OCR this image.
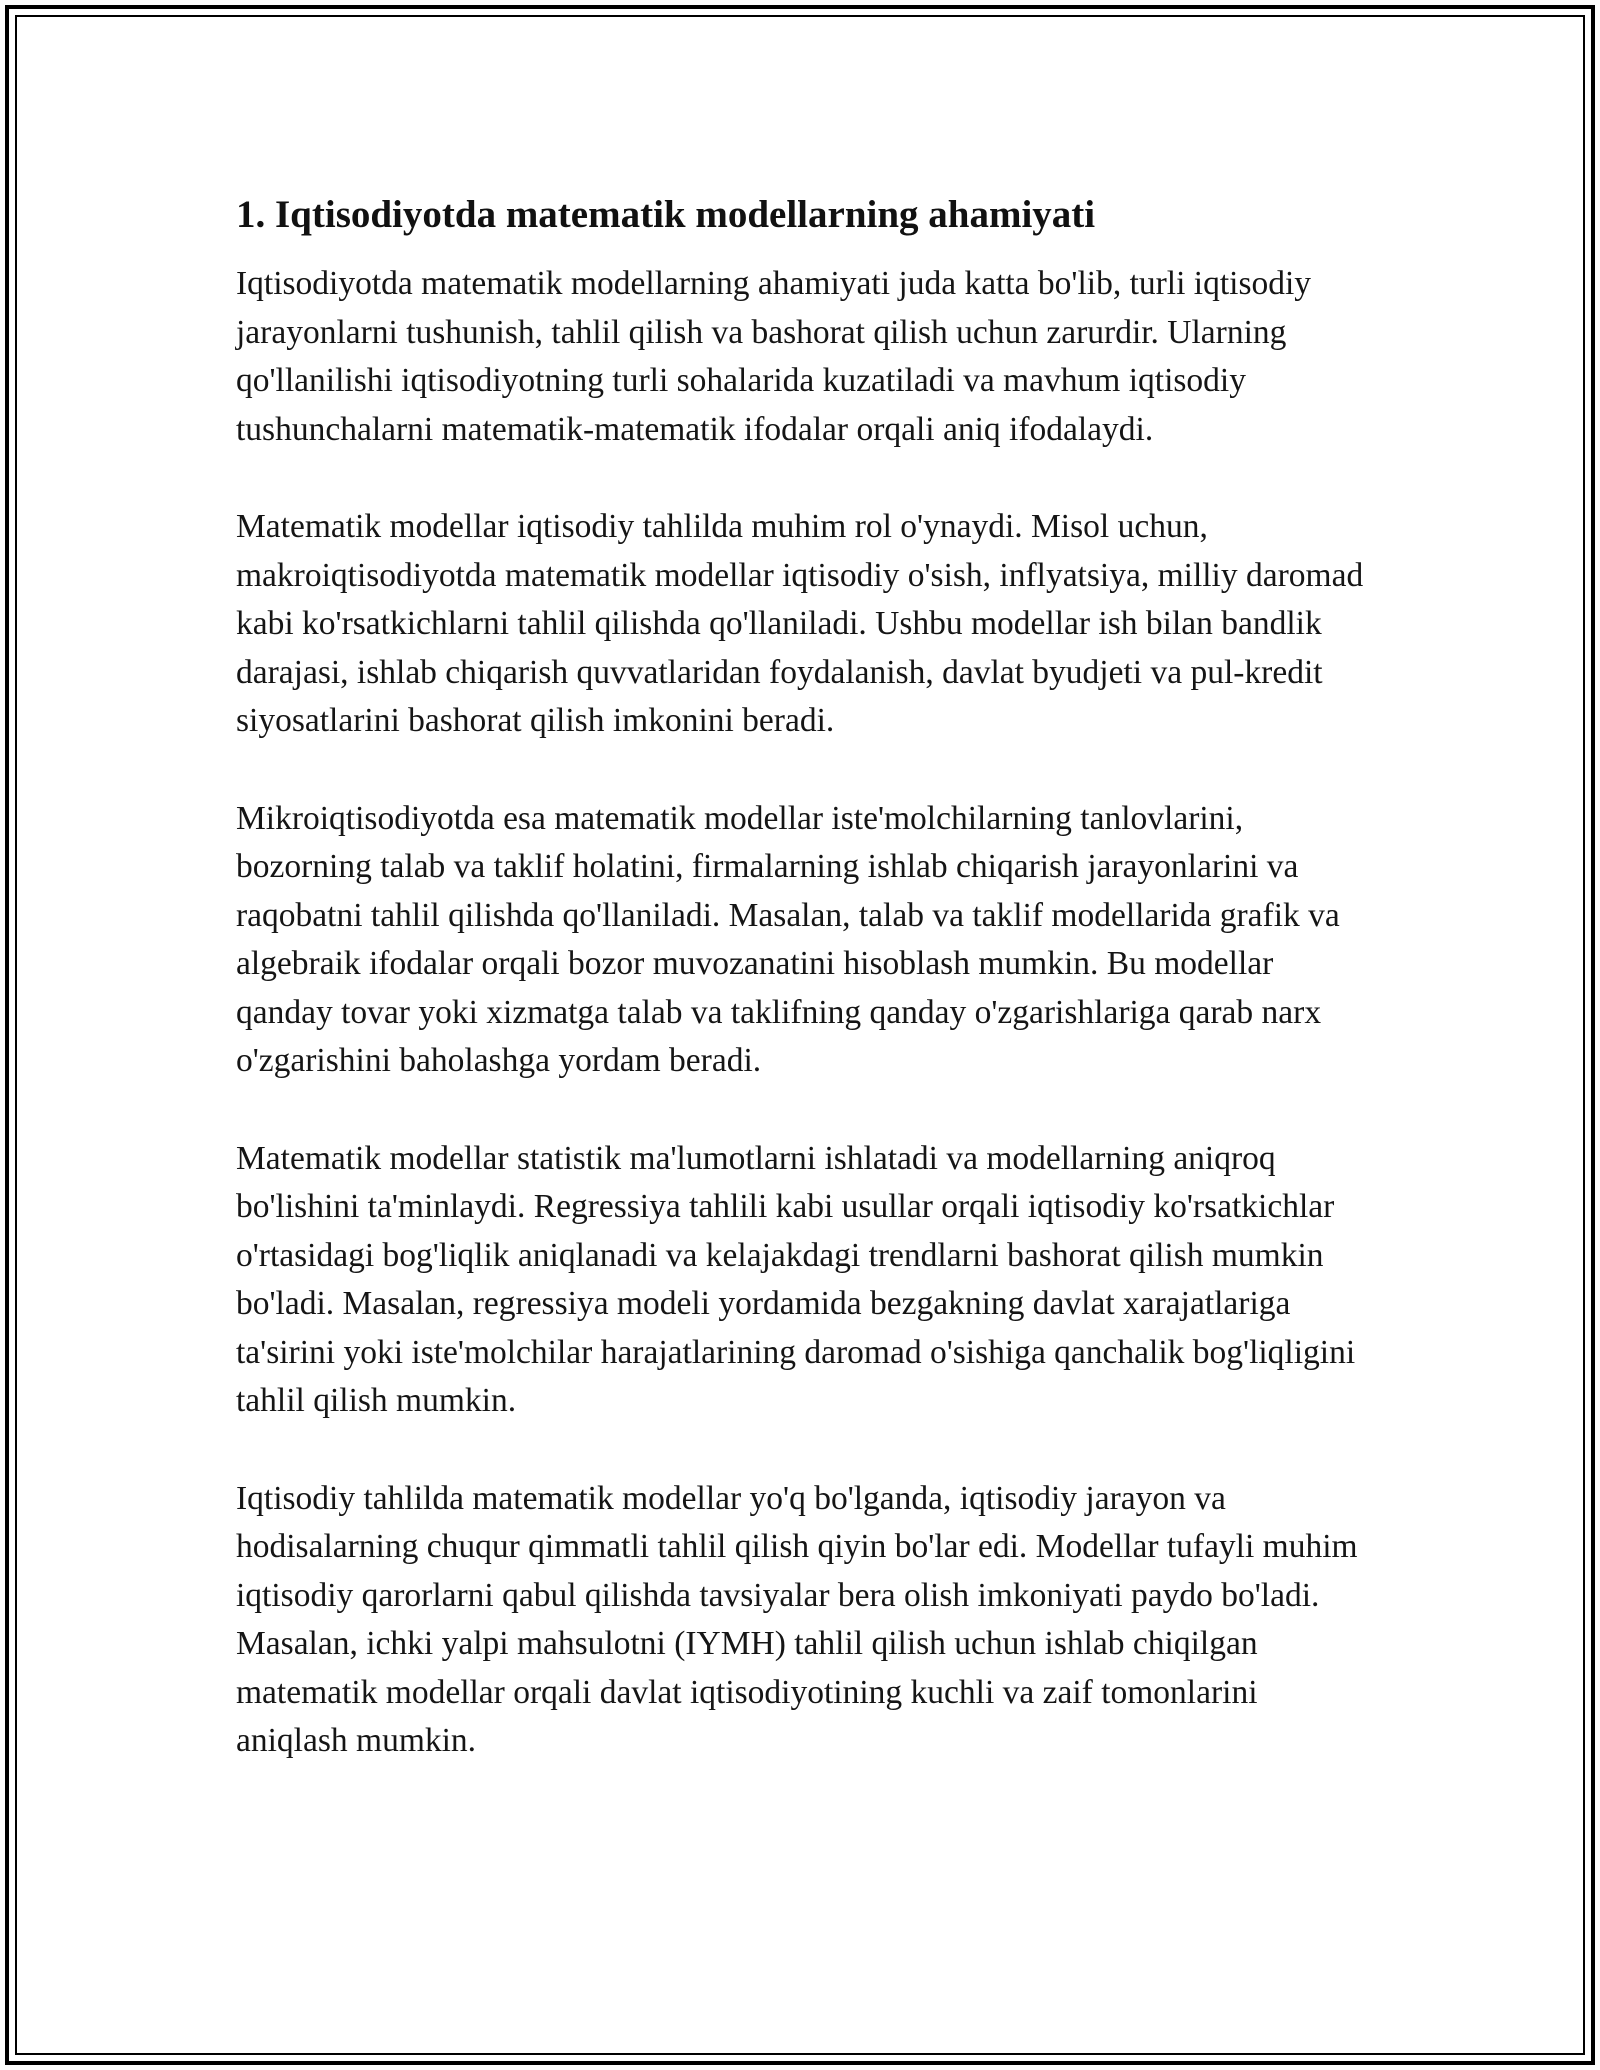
1. Iqtisodiyotda matematik modellarning ahamiyati

Iqtisodiyotda matematik modellarning ahamiyati juda katta bo'lib, turli iqtisodiy jarayonlarni tushunish, tahlil qilish va bashorat qilish uchun zarurdir. Ularning qo'llanilishi iqtisodiyotning turli sohalarida kuzatiladi va mavhum iqtisodiy tushunchalarni matematik-matematik ifodalar orqali aniq ifodalaydi.

Matematik modellar iqtisodiy tahlilda muhim rol o'ynaydi. Misol uchun, makroiqtisodiyotda matematik modellar iqtisodiy o'sish, inflyatsiya, milliy daromad kabi ko'rsatkichlarni tahlil qilishda qo'llaniladi. Ushbu modellar ish bilan bandlik darajasi, ishlab chiqarish quvvatlaridan foydalanish, davlat byudjeti va pul-kredit siyosatlarini bashorat qilish imkonini beradi.

Mikroiqtisodiyotda esa matematik modellar iste'molchilarning tanlovlarini, bozorning talab va taklif holatini, firmalarning ishlab chiqarish jarayonlarini va raqobatni tahlil qilishda qo'llaniladi. Masalan, talab va taklif modellarida grafik va algebraik ifodalar orqali bozor muvozanatini hisoblash mumkin. Bu modellar qanday tovar yoki xizmatga talab va taklifning qanday o'zgarishlariga qarab narx o'zgarishini baholashga yordam beradi.

Matematik modellar statistik ma'lumotlarni ishlatadi va modellarning aniqroq bo'lishini ta'minlaydi. Regressiya tahlili kabi usullar orqali iqtisodiy ko'rsatkichlar o'rtasidagi bog'liqlik aniqlanadi va kelajakdagi trendlarni bashorat qilish mumkin bo'ladi. Masalan, regressiya modeli yordamida bezgakning davlat xarajatlariga ta'sirini yoki iste'molchilar harajatlarining daromad o'sishiga qanchalik bog'liqligini tahlil qilish mumkin.

Iqtisodiy tahlilda matematik modellar yo'q bo'lganda, iqtisodiy jarayon va hodisalarning chuqur qimmatli tahlil qilish qiyin bo'lar edi. Modellar tufayli muhim iqtisodiy qarorlarni qabul qilishda tavsiyalar bera olish imkoniyati paydo bo'ladi. Masalan, ichki yalpi mahsulotni (IYMH) tahlil qilish uchun ishlab chiqilgan matematik modellar orqali davlat iqtisodiyotining kuchli va zaif tomonlarini aniqlash mumkin.
